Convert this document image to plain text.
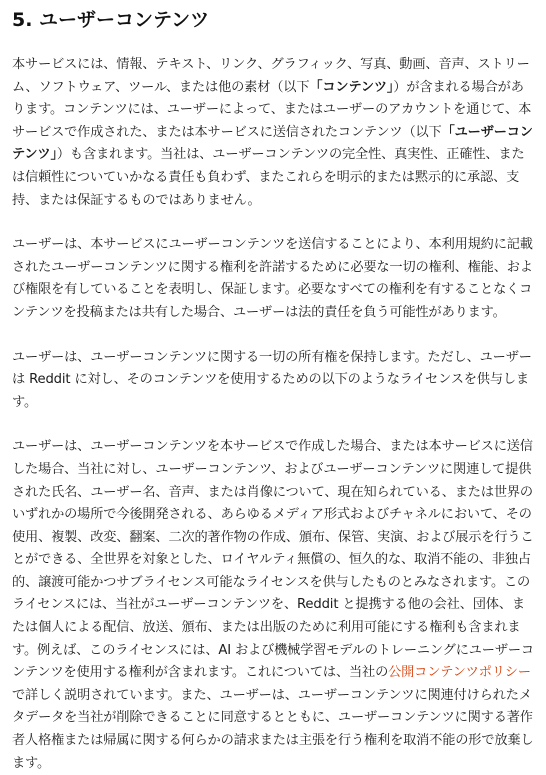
5. ユーザーコンテンツ

本サービスには、情報、テキスト、リンク、グラフィック、写真、動画、音声、ストリーム、ソフトウェア、ツール、または他の素材（以下「コンテンツ」）が含まれる場合があります。コンテンツには、ユーザーによって、またはユーザーのアカウントを通じて、本サービスで作成された、または本サービスに送信されたコンテンツ（以下「ユーザーコンテンツ」）も含まれます。当社は、ユーザーコンテンツの完全性、真実性、正確性、または信頼性についていかなる責任も負わず、またこれらを明示的または黙示的に承認、支持、または保証するものではありません。

ユーザーは、本サービスにユーザーコンテンツを送信することにより、本利用規約に記載されたユーザーコンテンツに関する権利を許諾するために必要な一切の権利、権能、および権限を有していることを表明し、保証します。必要なすべての権利を有することなくコンテンツを投稿または共有した場合、ユーザーは法的責任を負う可能性があります。

ユーザーは、ユーザーコンテンツに関する一切の所有権を保持します。ただし、ユーザーは Reddit に対し、そのコンテンツを使用するための以下のようなライセンスを供与します。

ユーザーは、ユーザーコンテンツを本サービスで作成した場合、または本サービスに送信した場合、当社に対し、ユーザーコンテンツ、およびユーザーコンテンツに関連して提供された氏名、ユーザー名、音声、または肖像について、現在知られている、または世界のいずれかの場所で今後開発される、あらゆるメディア形式およびチャネルにおいて、その使用、複製、改変、翻案、二次的著作物の作成、頒布、保管、実演、および展示を行うことができる、全世界を対象とした、ロイヤルティ無償の、恒久的な、取消不能の、非独占的、譲渡可能かつサブライセンス可能なライセンスを供与したものとみなされます。このライセンスには、当社がユーザーコンテンツを、Reddit と提携する他の会社、団体、または個人による配信、放送、頒布、または出版のために利用可能にする権利も含まれます。例えば、このライセンスには、AI および機械学習モデルのトレーニングにユーザーコンテンツを使用する権利が含まれます。これについては、当社の公開コンテンツポリシーで詳しく説明されています。また、ユーザーは、ユーザーコンテンツに関連付けられたメタデータを当社が削除できることに同意するとともに、ユーザーコンテンツに関する著作者人格権または帰属に関する何らかの請求または主張を行う権利を取消不能の形で放棄します。
